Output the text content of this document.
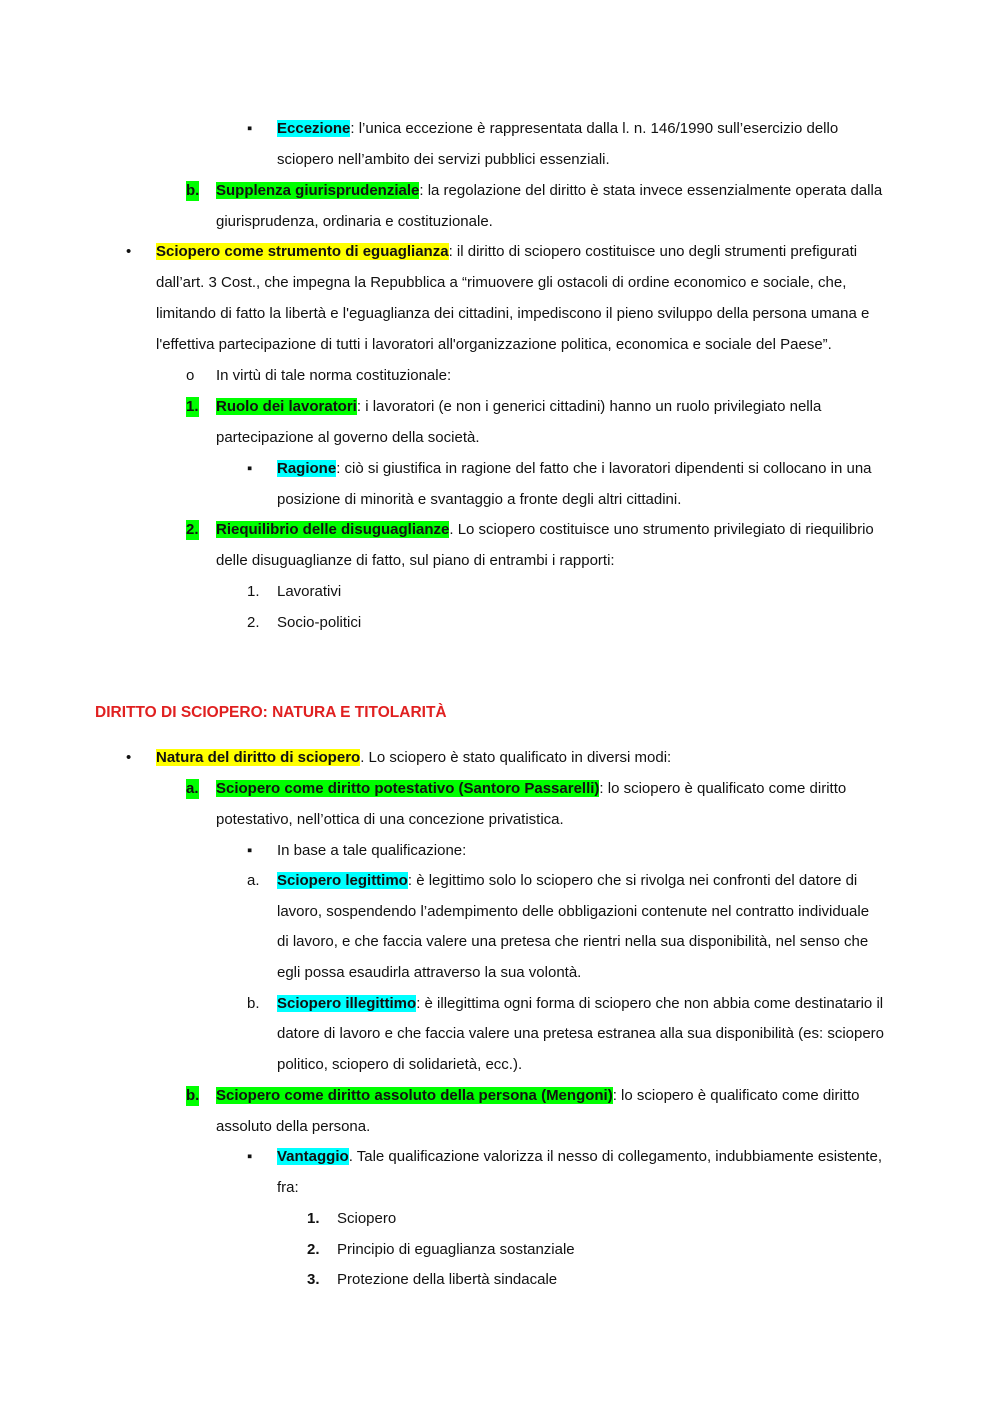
▪ Eccezione: l’unica eccezione è rappresentata dalla l. n. 146/1990 sull’esercizio dello
sciopero nell’ambito dei servizi pubblici essenziali.
b. Supplenza giurisprudenziale: la regolazione del diritto è stata invece essenzialmente operata dalla
giurisprudenza, ordinaria e costituzionale.
• Sciopero come strumento di eguaglianza: il diritto di sciopero costituisce uno degli strumenti prefigurati
dall’art. 3 Cost., che impegna la Repubblica a “rimuovere gli ostacoli di ordine economico e sociale, che,
limitando di fatto la libertà e l'eguaglianza dei cittadini, impediscono il pieno sviluppo della persona umana e
l'effettiva partecipazione di tutti i lavoratori all'organizzazione politica, economica e sociale del Paese”.
o In virtù di tale norma costituzionale:
1. Ruolo dei lavoratori: i lavoratori (e non i generici cittadini) hanno un ruolo privilegiato nella
partecipazione al governo della società.
▪ Ragione: ciò si giustifica in ragione del fatto che i lavoratori dipendenti si collocano in una
posizione di minorità e svantaggio a fronte degli altri cittadini.
2. Riequilibrio delle disuguaglianze. Lo sciopero costituisce uno strumento privilegiato di riequilibrio
delle disuguaglianze di fatto, sul piano di entrambi i rapporti:
1. Lavorativi
2. Socio-politici
DIRITTO DI SCIOPERO: NATURA E TITOLARITÀ
• Natura del diritto di sciopero. Lo sciopero è stato qualificato in diversi modi:
a. Sciopero come diritto potestativo (Santoro Passarelli): lo sciopero è qualificato come diritto
potestativo, nell’ottica di una concezione privatistica.
▪ In base a tale qualificazione:
a. Sciopero legittimo: è legittimo solo lo sciopero che si rivolga nei confronti del datore di
lavoro, sospendendo l’adempimento delle obbligazioni contenute nel contratto individuale
di lavoro, e che faccia valere una pretesa che rientri nella sua disponibilità, nel senso che
egli possa esaudirla attraverso la sua volontà.
b. Sciopero illegittimo: è illegittima ogni forma di sciopero che non abbia come destinatario il
datore di lavoro e che faccia valere una pretesa estranea alla sua disponibilità (es: sciopero
politico, sciopero di solidarietà, ecc.).
b. Sciopero come diritto assoluto della persona (Mengoni): lo sciopero è qualificato come diritto
assoluto della persona.
▪ Vantaggio. Tale qualificazione valorizza il nesso di collegamento, indubbiamente esistente,
fra:
1. Sciopero
2. Principio di eguaglianza sostanziale
3. Protezione della libertà sindacale
